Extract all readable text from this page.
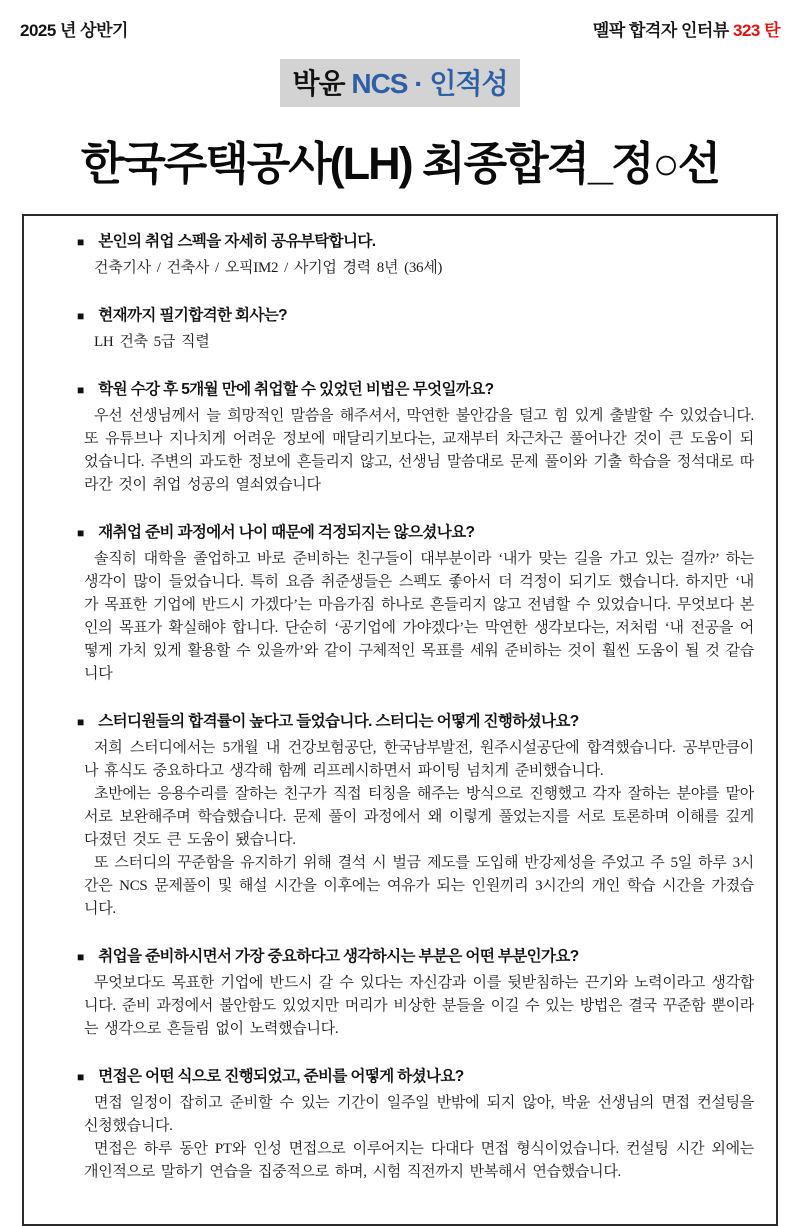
2025 년 상반기	멜팍 합격자 인터뷰 323 탄
박윤 NCS · 인적성
한국주택공사(LH) 최종합격_정○선
■ 본인의 취업 스펙을 자세히 공유부탁합니다.

건축기사 / 건축사 / 오픽IM2 / 사기업 경력 8년 (36세)

■ 현재까지 필기합격한 회사는?

LH 건축 5급 직렬

■ 학원 수강 후 5개월 만에 취업할 수 있었던 비법은 무엇일까요?

우선 선생님께서 늘 희망적인 말씀을 해주셔서, 막연한 불안감을 덜고 힘 있게 출발할 수 있었습니다. 또 유튜브나 지나치게 어려운 정보에 매달리기보다는, 교재부터 차근차근 풀어나간 것이 큰 도움이 되었습니다. 주변의 과도한 정보에 흔들리지 않고, 선생님 말씀대로 문제 풀이와 기출 학습을 정석대로 따라간 것이 취업 성공의 열쇠였습니다

■ 재취업 준비 과정에서 나이 때문에 걱정되지는 않으셨나요?

솔직히 대학을 졸업하고 바로 준비하는 친구들이 대부분이라 ‘내가 맞는 길을 가고 있는 걸까?’ 하는 생각이 많이 들었습니다. 특히 요즘 취준생들은 스펙도 좋아서 더 걱정이 되기도 했습니다. 하지만 ‘내가 목표한 기업에 반드시 가겠다’는 마음가짐 하나로 흔들리지 않고 전념할 수 있었습니다. 무엇보다 본인의 목표가 확실해야 합니다. 단순히 ‘공기업에 가야겠다’는 막연한 생각보다는, 저처럼 ‘내 전공을 어떻게 가치 있게 활용할 수 있을까’와 같이 구체적인 목표를 세워 준비하는 것이 훨씬 도움이 될 것 같습니다

■ 스터디원들의 합격률이 높다고 들었습니다. 스터디는 어떻게 진행하셨나요?

저희 스터디에서는 5개월 내 건강보험공단, 한국남부발전, 원주시설공단에 합격했습니다. 공부만큼이나 휴식도 중요하다고 생각해 함께 리프레시하면서 파이팅 넘치게 준비했습니다.

초반에는 응용수리를 잘하는 친구가 직접 티칭을 해주는 방식으로 진행했고 각자 잘하는 분야를 맡아 서로 보완해주며 학습했습니다. 문제 풀이 과정에서 왜 이렇게 풀었는지를 서로 토론하며 이해를 깊게 다졌던 것도 큰 도움이 됐습니다.

또 스터디의 꾸준함을 유지하기 위해 결석 시 벌금 제도를 도입해 반강제성을 주었고 주 5일 하루 3시간은 NCS 문제풀이 및 해설 시간을 이후에는 여유가 되는 인원끼리 3시간의 개인 학습 시간을 가졌습니다.

■ 취업을 준비하시면서 가장 중요하다고 생각하시는 부분은 어떤 부분인가요?

무엇보다도 목표한 기업에 반드시 갈 수 있다는 자신감과 이를 뒷받침하는 끈기와 노력이라고 생각합니다. 준비 과정에서 불안함도 있었지만 머리가 비상한 분들을 이길 수 있는 방법은 결국 꾸준함 뿐이라는 생각으로 흔들림 없이 노력했습니다.

■ 면접은 어떤 식으로 진행되었고, 준비를 어떻게 하셨나요?

면접 일정이 잡히고 준비할 수 있는 기간이 일주일 반밖에 되지 않아, 박윤 선생님의 면접 컨설팅을 신청했습니다.

면접은 하루 동안 PT와 인성 면접으로 이루어지는 다대다 면접 형식이었습니다. 컨설팅 시간 외에는 개인적으로 말하기 연습을 집중적으로 하며, 시험 직전까지 반복해서 연습했습니다.
